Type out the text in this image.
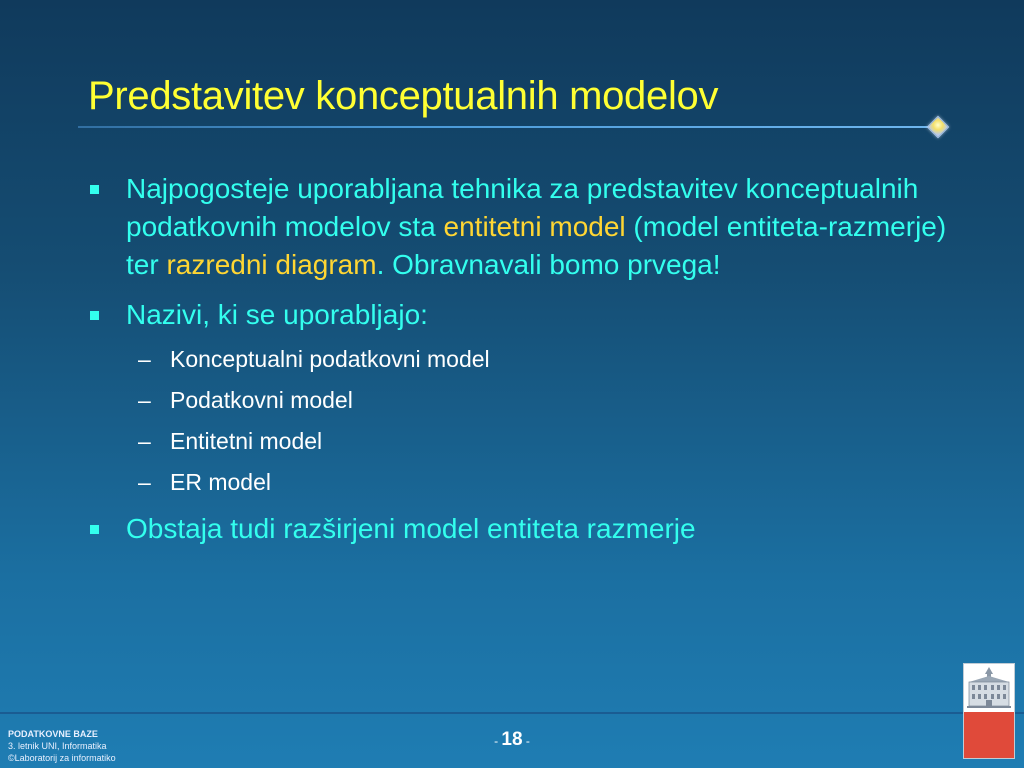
Predstavitev konceptualnih modelov
Najpogosteje uporabljana tehnika za predstavitev konceptualnih podatkovnih modelov sta entitetni model (model entiteta-razmerje) ter razredni diagram. Obravnavali bomo prvega!
Nazivi, ki se uporabljajo:
– Konceptualni podatkovni model
– Podatkovni model
– Entitetni model
– ER model
Obstaja tudi razširjeni model entiteta razmerje
PODATKOVNE BAZE
3. letnik UNI, Informatika
©Laboratorij za informatiko
- 18 -
